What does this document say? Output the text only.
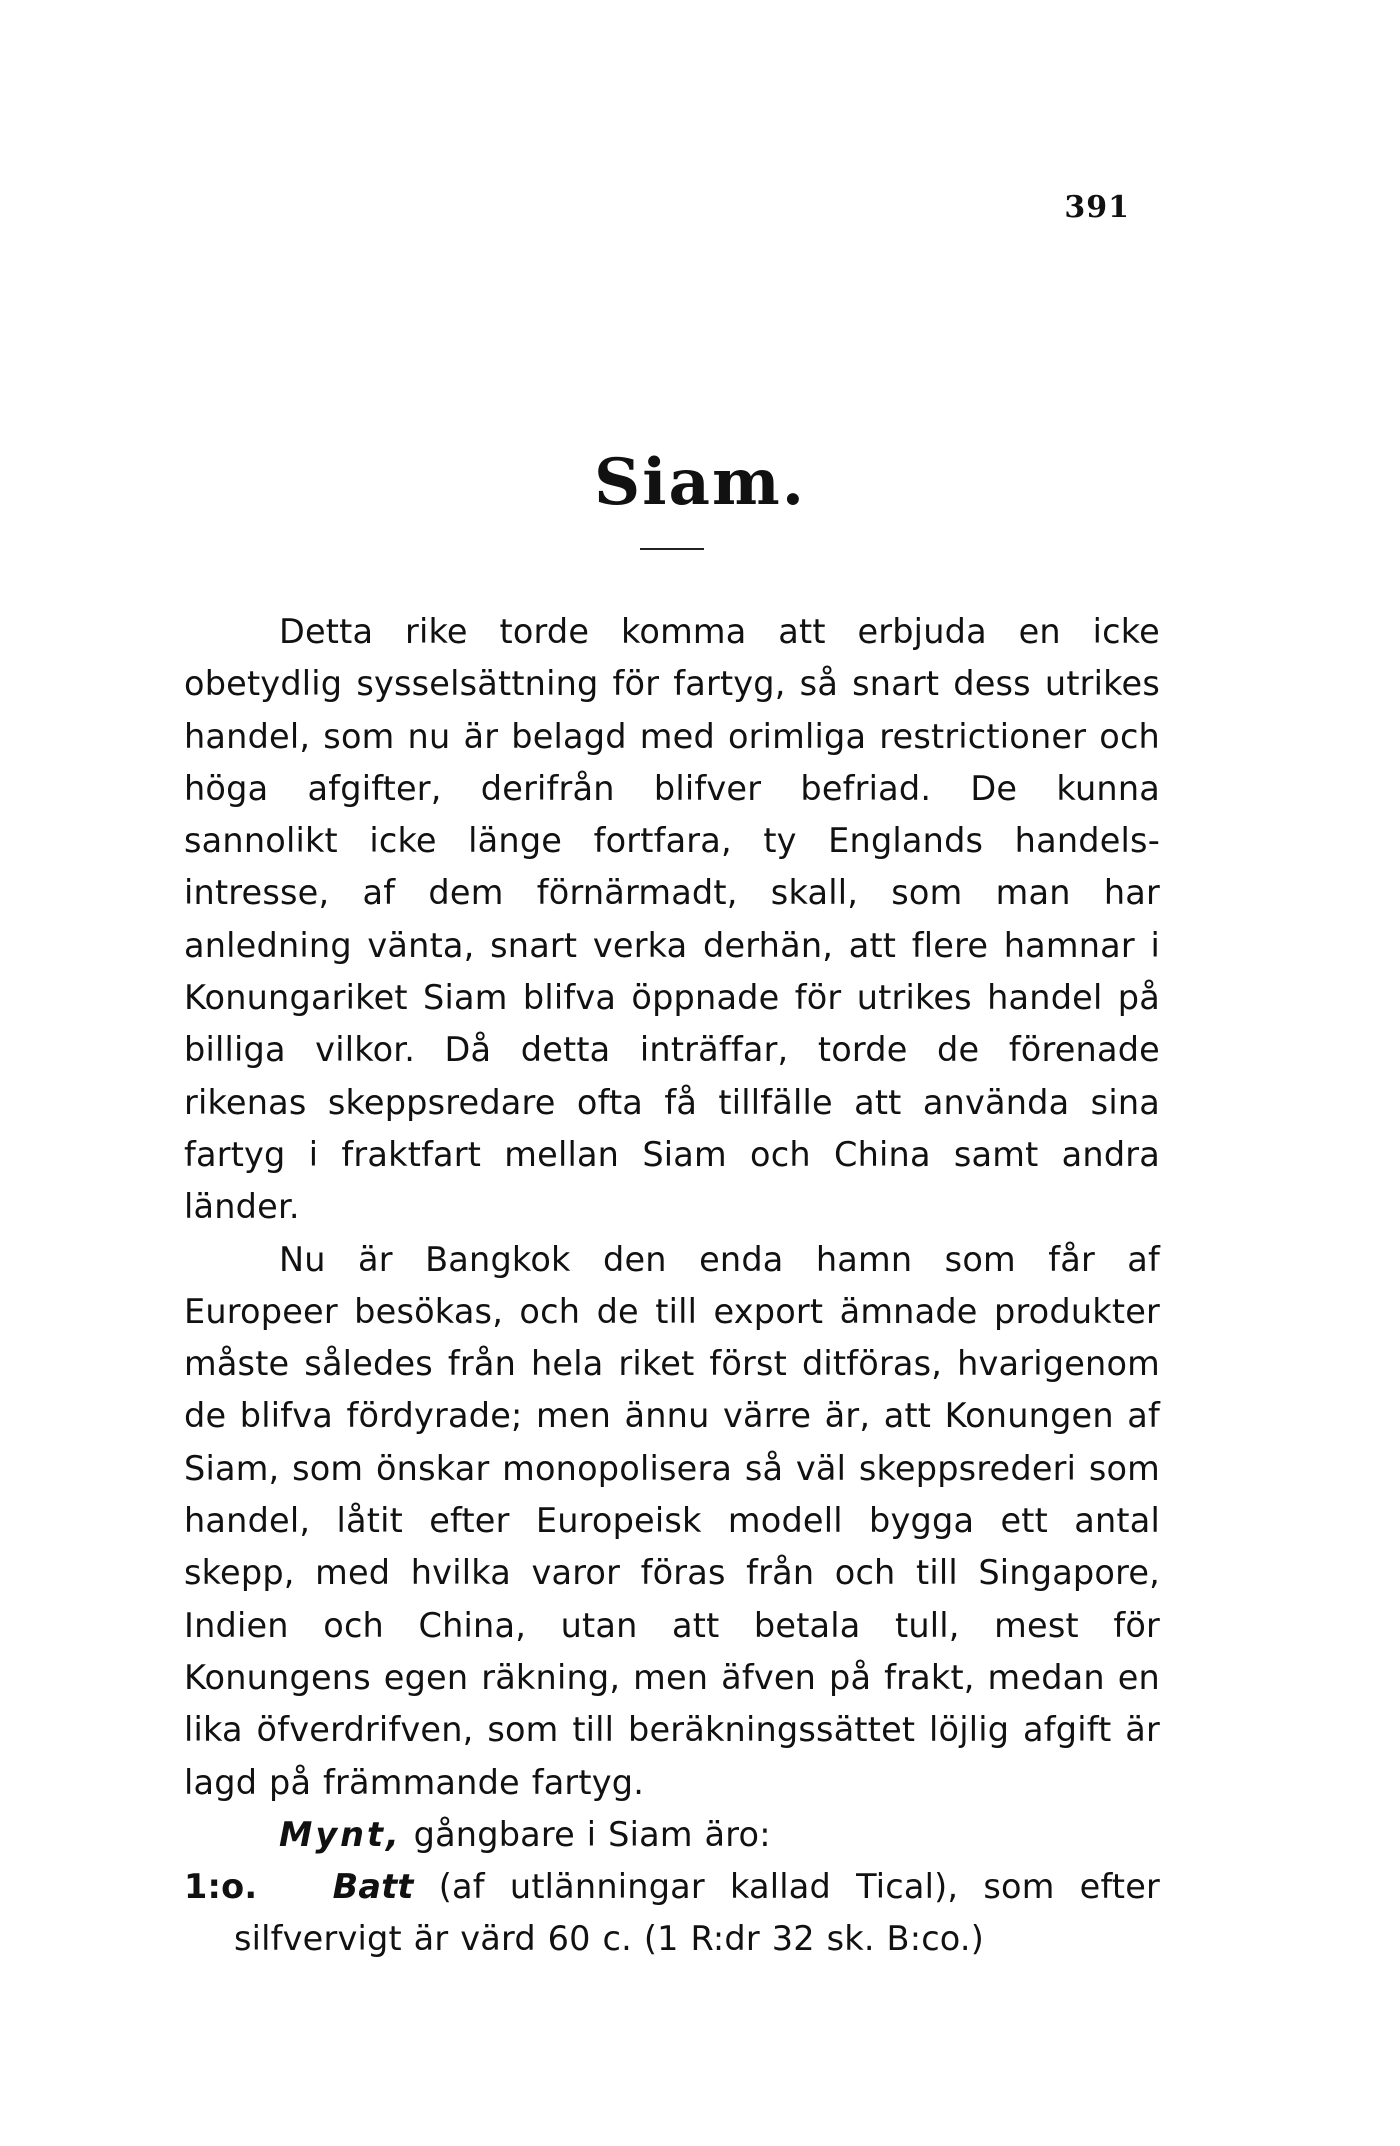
391
Siam.

Detta rike torde komma att erbjuda en icke obetydlig sysselsättning för fartyg, så snart dess utrikes handel, som nu är belagd med orimliga restrictioner och höga afgifter, derifrån blifver befriad. De kunna sannolikt icke länge fortfara, ty Englands handels-intresse, af dem förnärmadt, skall, som man har anledning vänta, snart verka derhän, att flere hamnar i Konungariket Siam blifva öppnade för utrikes handel på billiga vilkor. Då detta inträffar, torde de förenade rikenas skeppsredare ofta få tillfälle att använda sina fartyg i fraktfart mellan Siam och China samt andra länder.

Nu är Bangkok den enda hamn som får af Europeer besökas, och de till export ämnade produkter måste således från hela riket först ditföras, hvarigenom de blifva fördyrade; men ännu värre är, att Konungen af Siam, som önskar monopolisera så väl skeppsrederi som handel, låtit efter Europeisk modell bygga ett antal skepp, med hvilka varor föras från och till Singapore, Indien och China, utan att betala tull, mest för Konungens egen räkning, men äfven på frakt, medan en lika öfverdrifven, som till beräkningssättet löjlig afgift är lagd på främmande fartyg.

Mynt, gångbare i Siam äro:

1:o. Batt (af utlänningar kallad Tical), som efter silfvervigt är värd 60 c. (1 R:dr 32 sk. B:co.)
